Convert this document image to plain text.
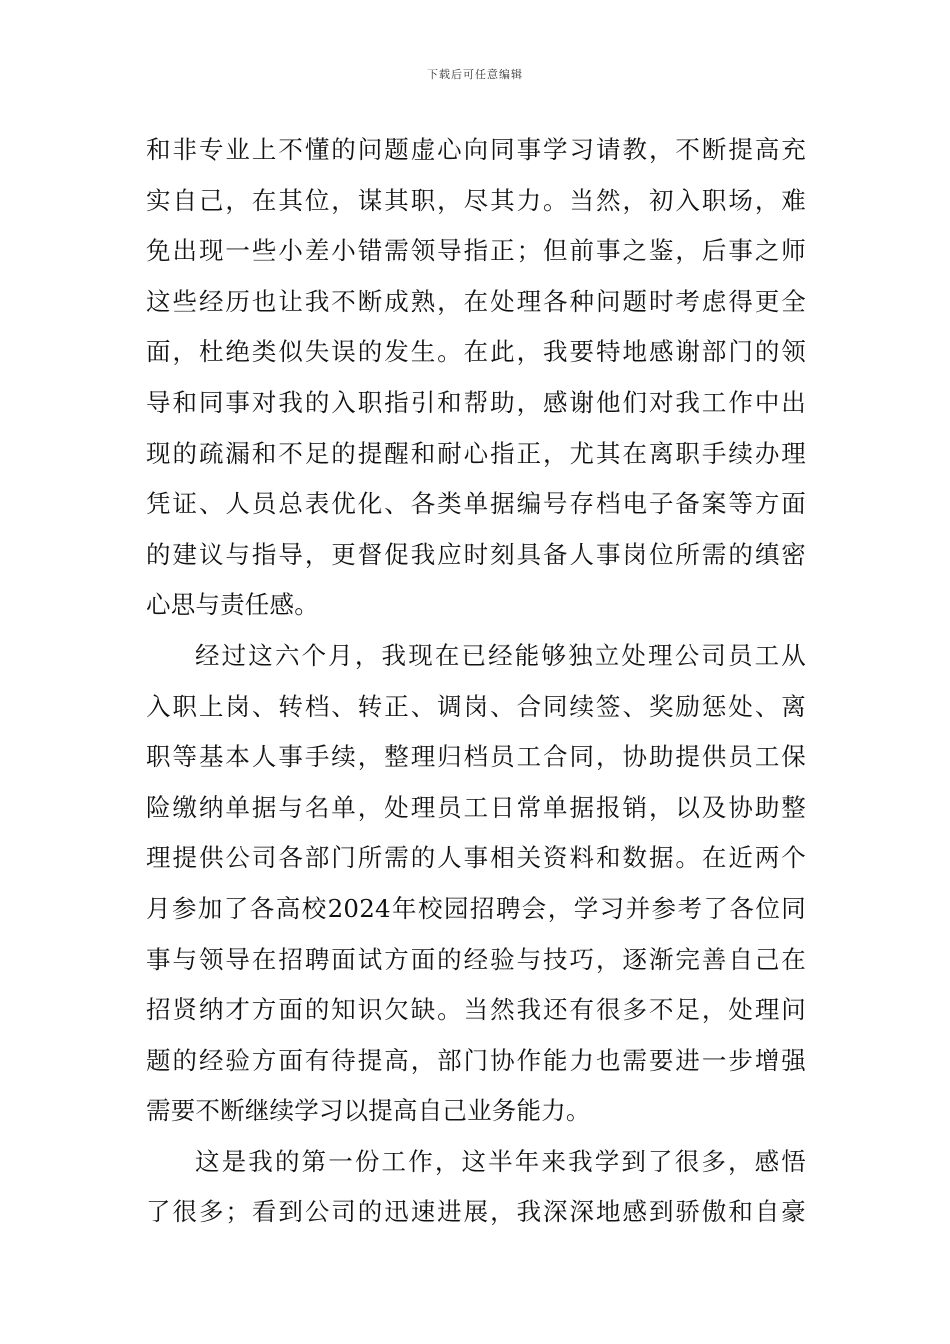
下载后可任意编辑
和非专业上不懂的问题虚心向同事学习请教，不断提高充
实自己，在其位，谋其职，尽其力。当然，初入职场，难
免出现一些小差小错需领导指正；但前事之鉴，后事之师
这些经历也让我不断成熟，在处理各种问题时考虑得更全
面，杜绝类似失误的发生。在此，我要特地感谢部门的领
导和同事对我的入职指引和帮助，感谢他们对我工作中出
现的疏漏和不足的提醒和耐心指正，尤其在离职手续办理
凭证、人员总表优化、各类单据编号存档电子备案等方面
的建议与指导，更督促我应时刻具备人事岗位所需的缜密
心思与责任感。
经过这六个月，我现在已经能够独立处理公司员工从
入职上岗、转档、转正、调岗、合同续签、奖励惩处、离
职等基本人事手续，整理归档员工合同，协助提供员工保
险缴纳单据与名单，处理员工日常单据报销，以及协助整
理提供公司各部门所需的人事相关资料和数据。在近两个
月参加了各高校2024年校园招聘会，学习并参考了各位同
事与领导在招聘面试方面的经验与技巧，逐渐完善自己在
招贤纳才方面的知识欠缺。当然我还有很多不足，处理问
题的经验方面有待提高，部门协作能力也需要进一步增强
需要不断继续学习以提高自己业务能力。
这是我的第一份工作，这半年来我学到了很多，感悟
了很多；看到公司的迅速进展，我深深地感到骄傲和自豪
